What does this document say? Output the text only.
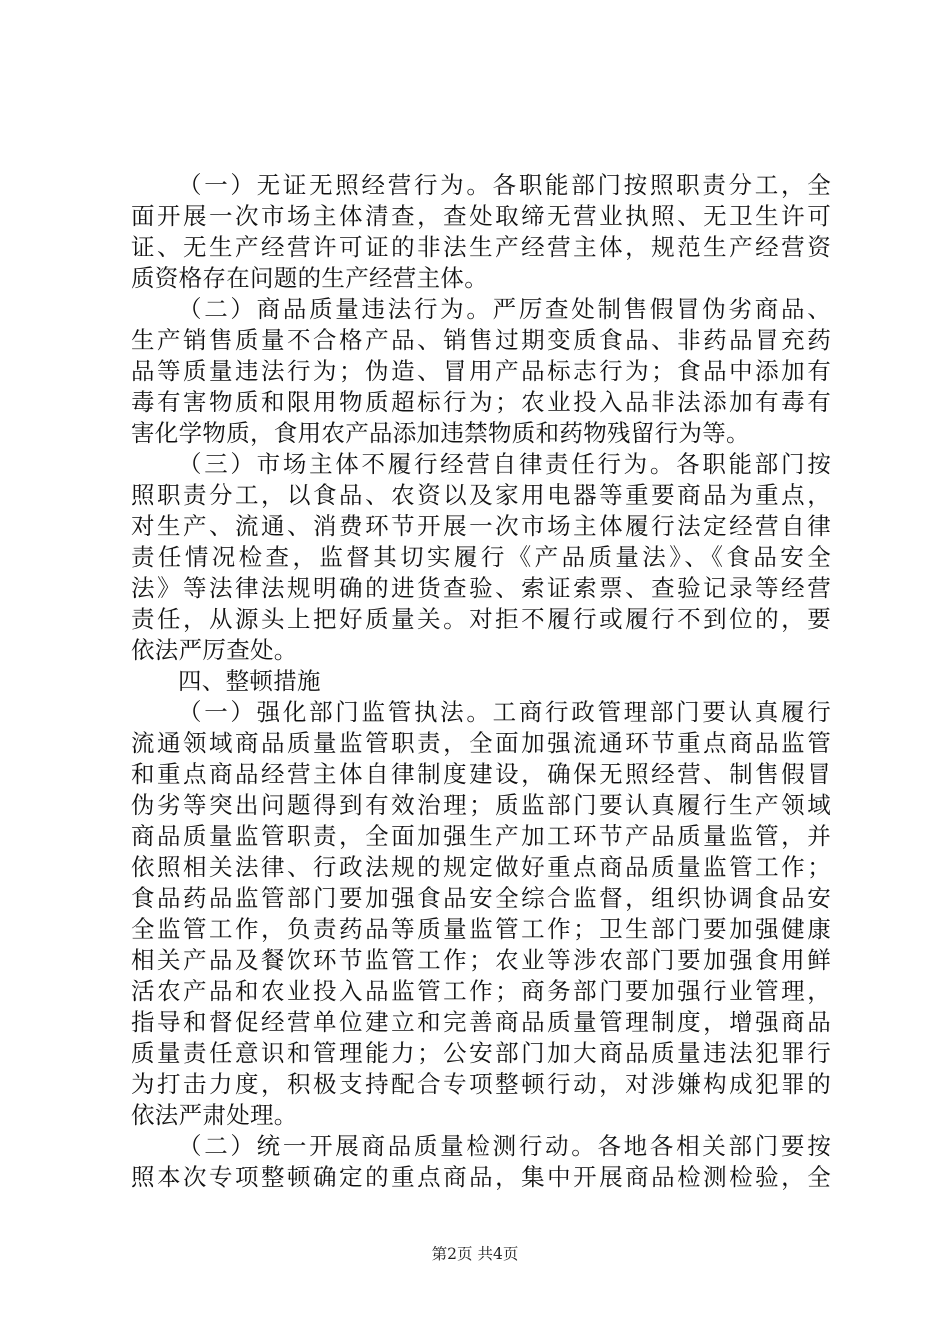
（一）无证无照经营行为。各职能部门按照职责分工，全
面开展一次市场主体清查，查处取缔无营业执照、无卫生许可
证、无生产经营许可证的非法生产经营主体，规范生产经营资
质资格存在问题的生产经营主体。
（二）商品质量违法行为。严厉查处制售假冒伪劣商品、
生产销售质量不合格产品、销售过期变质食品、非药品冒充药
品等质量违法行为；伪造、冒用产品标志行为；食品中添加有
毒有害物质和限用物质超标行为；农业投入品非法添加有毒有
害化学物质，食用农产品添加违禁物质和药物残留行为等。
（三）市场主体不履行经营自律责任行为。各职能部门按
照职责分工，以食品、农资以及家用电器等重要商品为重点，
对生产、流通、消费环节开展一次市场主体履行法定经营自律
责任情况检查，监督其切实履行《产品质量法》、《食品安全
法》等法律法规明确的进货查验、索证索票、查验记录等经营
责任，从源头上把好质量关。对拒不履行或履行不到位的，要
依法严厉查处。
四、整顿措施
（一）强化部门监管执法。工商行政管理部门要认真履行
流通领域商品质量监管职责，全面加强流通环节重点商品监管
和重点商品经营主体自律制度建设，确保无照经营、制售假冒
伪劣等突出问题得到有效治理；质监部门要认真履行生产领域
商品质量监管职责，全面加强生产加工环节产品质量监管，并
依照相关法律、行政法规的规定做好重点商品质量监管工作；
食品药品监管部门要加强食品安全综合监督，组织协调食品安
全监管工作，负责药品等质量监管工作；卫生部门要加强健康
相关产品及餐饮环节监管工作；农业等涉农部门要加强食用鲜
活农产品和农业投入品监管工作；商务部门要加强行业管理，
指导和督促经营单位建立和完善商品质量管理制度，增强商品
质量责任意识和管理能力；公安部门加大商品质量违法犯罪行
为打击力度，积极支持配合专项整顿行动，对涉嫌构成犯罪的
依法严肃处理。
（二）统一开展商品质量检测行动。各地各相关部门要按
照本次专项整顿确定的重点商品，集中开展商品检测检验，全
第2页 共4页
